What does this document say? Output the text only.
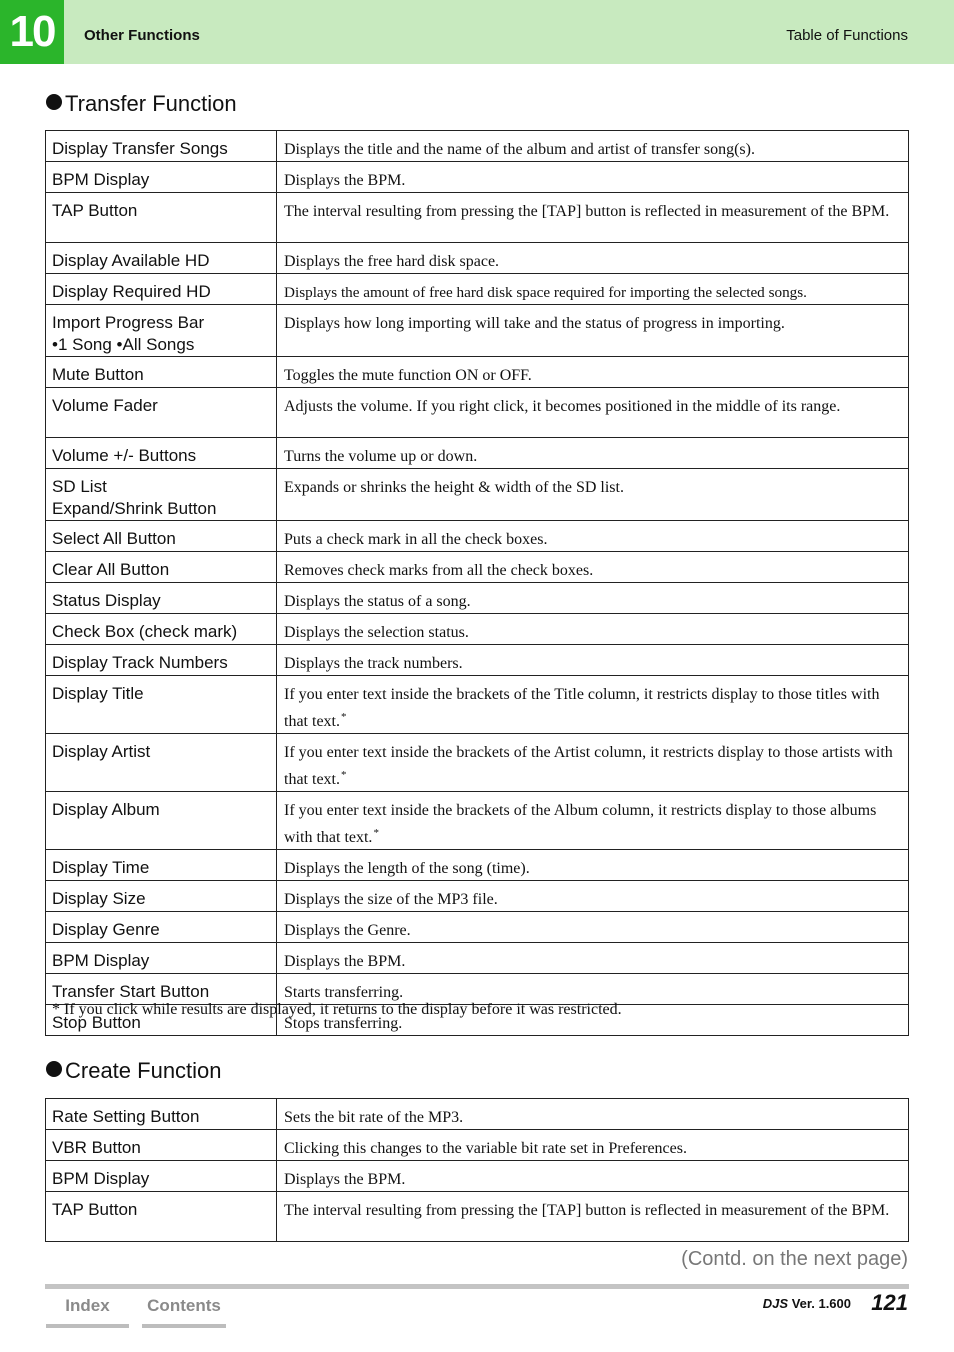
10	Other Functions	Table of Functions
Transfer Function
Display Transfer Songs	Displays the title and the name of the album and artist of transfer song(s).
BPM Display	Displays the BPM.
TAP Button	The interval resulting from pressing the [TAP] button is reflected in measurement of the BPM.
Display Available HD	Displays the free hard disk space.
Display Required HD	Displays the amount of free hard disk space required for importing the selected songs.
Import Progress Bar
•1 Song •All Songs	Displays how long importing will take and the status of progress in importing.
Mute Button	Toggles the mute function ON or OFF.
Volume Fader	Adjusts the volume. If you right click, it becomes positioned in the middle of its range.
Volume +/- Buttons	Turns the volume up or down.
SD List
Expand/Shrink Button	Expands or shrinks the height & width of the SD list.
Select All Button	Puts a check mark in all the check boxes.
Clear All Button	Removes check marks from all the check boxes.
Status Display	Displays the status of a song.
Check Box (check mark)	Displays the selection status.
Display Track Numbers	Displays the track numbers.
Display Title	If you enter text inside the brackets of the Title column, it restricts display to those titles with that text.*
Display Artist	If you enter text inside the brackets of the Artist column, it restricts display to those artists with that text.*
Display Album	If you enter text inside the brackets of the Album column, it restricts display to those albums with that text.*
Display Time	Displays the length of the song (time).
Display Size	Displays the size of the MP3 file.
Display Genre	Displays the Genre.
BPM Display	Displays the BPM.
Transfer Start Button	Starts transferring.
Stop Button	Stops transferring.
* If you click while results are displayed, it returns to the display before it was restricted.
Create Function
Rate Setting Button	Sets the bit rate of the MP3.
VBR Button	Clicking this changes to the variable bit rate set in Preferences.
BPM Display	Displays the BPM.
TAP Button	The interval resulting from pressing the [TAP] button is reflected in measurement of the BPM.
(Contd. on the next page)
Index	Contents	DJS Ver. 1.600 121
